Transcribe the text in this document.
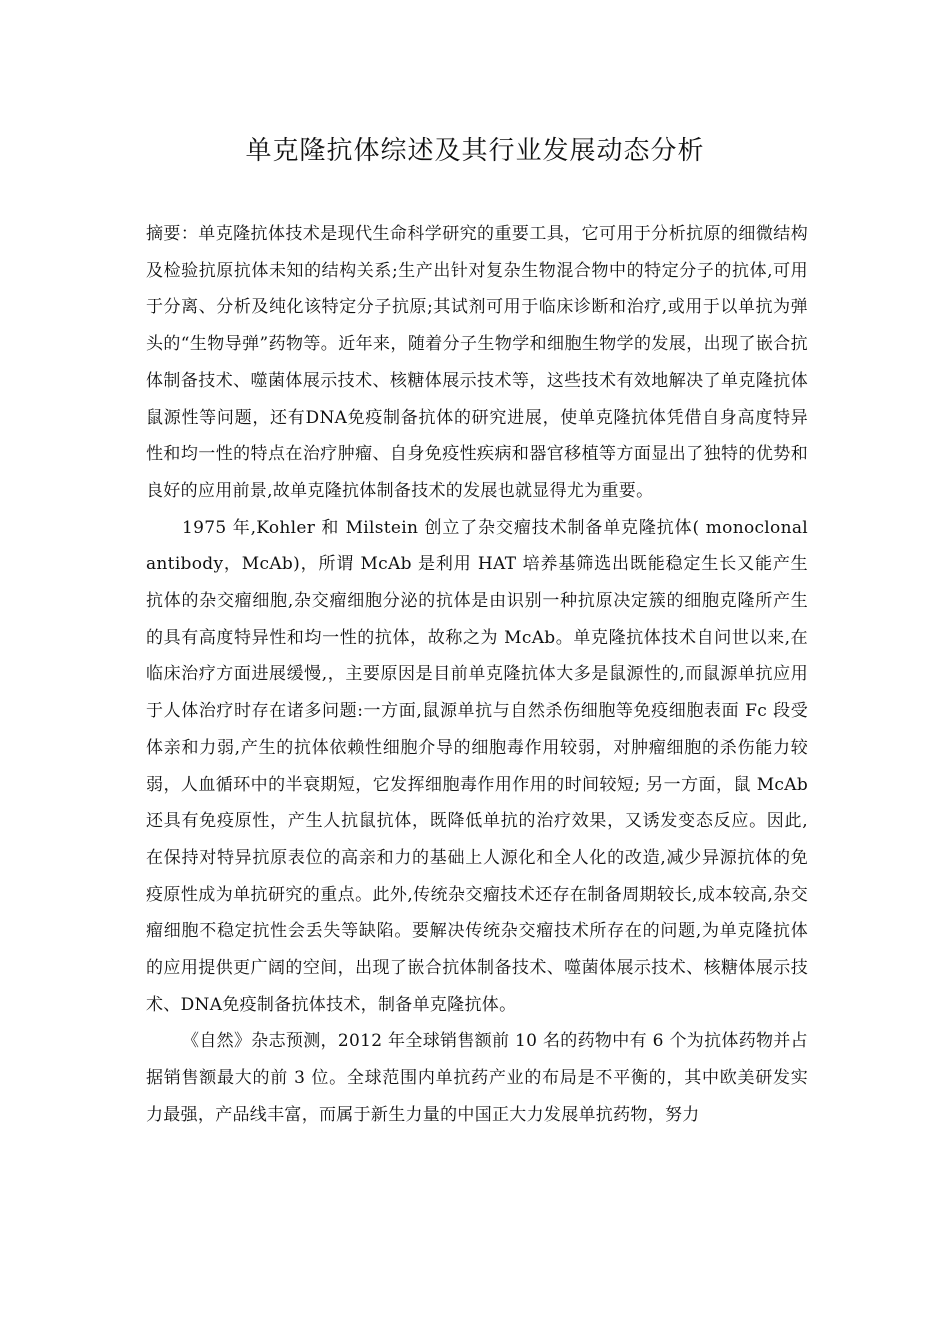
单克隆抗体综述及其行业发展动态分析

摘要：单克隆抗体技术是现代生命科学研究的重要工具，它可用于分析抗原的细微结构及检验抗原抗体未知的结构关系;生产出针对复杂生物混合物中的特定分子的抗体,可用于分离、分析及纯化该特定分子抗原;其试剂可用于临床诊断和治疗,或用于以单抗为弹头的“生物导弹”药物等。近年来，随着分子生物学和细胞生物学的发展，出现了嵌合抗体制备技术、噬菌体展示技术、核糖体展示技术等，这些技术有效地解决了单克隆抗体鼠源性等问题，还有DNA免疫制备抗体的研究进展，使单克隆抗体凭借自身高度特异性和均一性的特点在治疗肿瘤、自身免疫性疾病和器官移植等方面显出了独特的优势和良好的应用前景,故单克隆抗体制备技术的发展也就显得尤为重要。

1975 年,Kohler 和 Milstein 创立了杂交瘤技术制备单克隆抗体( monoclonal antibody，McAb)，所谓 McAb 是利用 HAT 培养基筛选出既能稳定生长又能产生抗体的杂交瘤细胞,杂交瘤细胞分泌的抗体是由识别一种抗原决定簇的细胞克隆所产生的具有高度特异性和均一性的抗体，故称之为 McAb。单克隆抗体技术自问世以来,在临床治疗方面进展缓慢,，主要原因是目前单克隆抗体大多是鼠源性的,而鼠源单抗应用于人体治疗时存在诸多问题:一方面,鼠源单抗与自然杀伤细胞等免疫细胞表面 Fc 段受体亲和力弱,产生的抗体依赖性细胞介导的细胞毒作用较弱，对肿瘤细胞的杀伤能力较弱，人血循环中的半衰期短，它发挥细胞毒作用作用的时间较短; 另一方面，鼠 McAb 还具有免疫原性，产生人抗鼠抗体，既降低单抗的治疗效果，又诱发变态反应。因此,在保持对特异抗原表位的高亲和力的基础上人源化和全人化的改造,减少异源抗体的免疫原性成为单抗研究的重点。此外,传统杂交瘤技术还存在制备周期较长,成本较高,杂交瘤细胞不稳定抗性会丢失等缺陷。要解决传统杂交瘤技术所存在的问题,为单克隆抗体的应用提供更广阔的空间，出现了嵌合抗体制备技术、噬菌体展示技术、核糖体展示技术、DNA免疫制备抗体技术，制备单克隆抗体。

《自然》杂志预测，2012 年全球销售额前 10 名的药物中有 6 个为抗体药物并占据销售额最大的前 3 位。全球范围内单抗药产业的布局是不平衡的，其中欧美研发实力最强，产品线丰富，而属于新生力量的中国正大力发展单抗药物，努力
